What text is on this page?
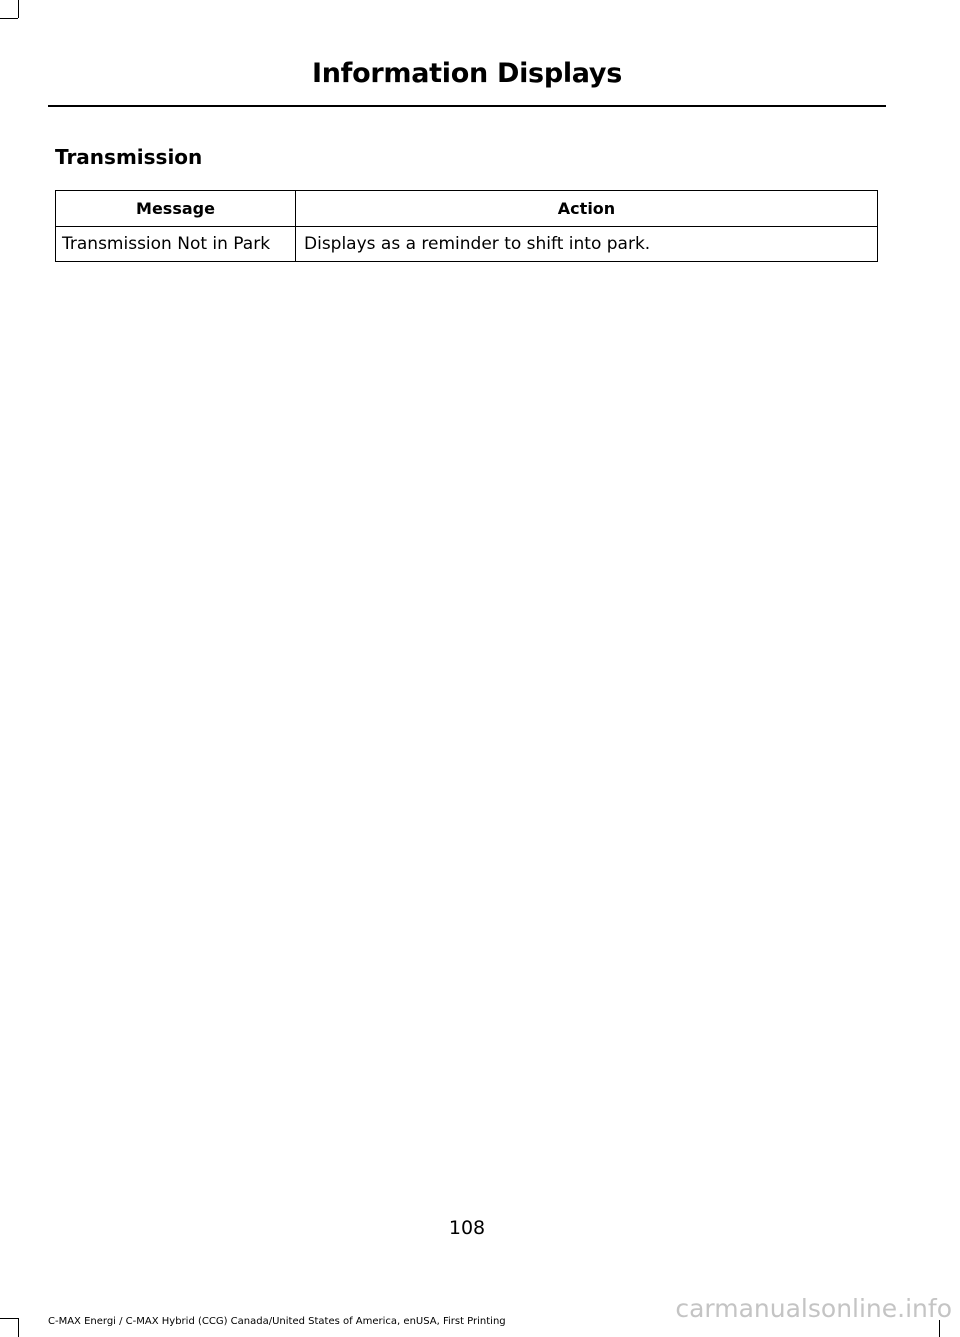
Information Displays
Transmission
Message	Action
Transmission Not in Park	Displays as a reminder to shift into park.
108
C-MAX Energi / C-MAX Hybrid (CCG) Canada/United States of America, enUSA, First Printing	carmanualsonline.info
